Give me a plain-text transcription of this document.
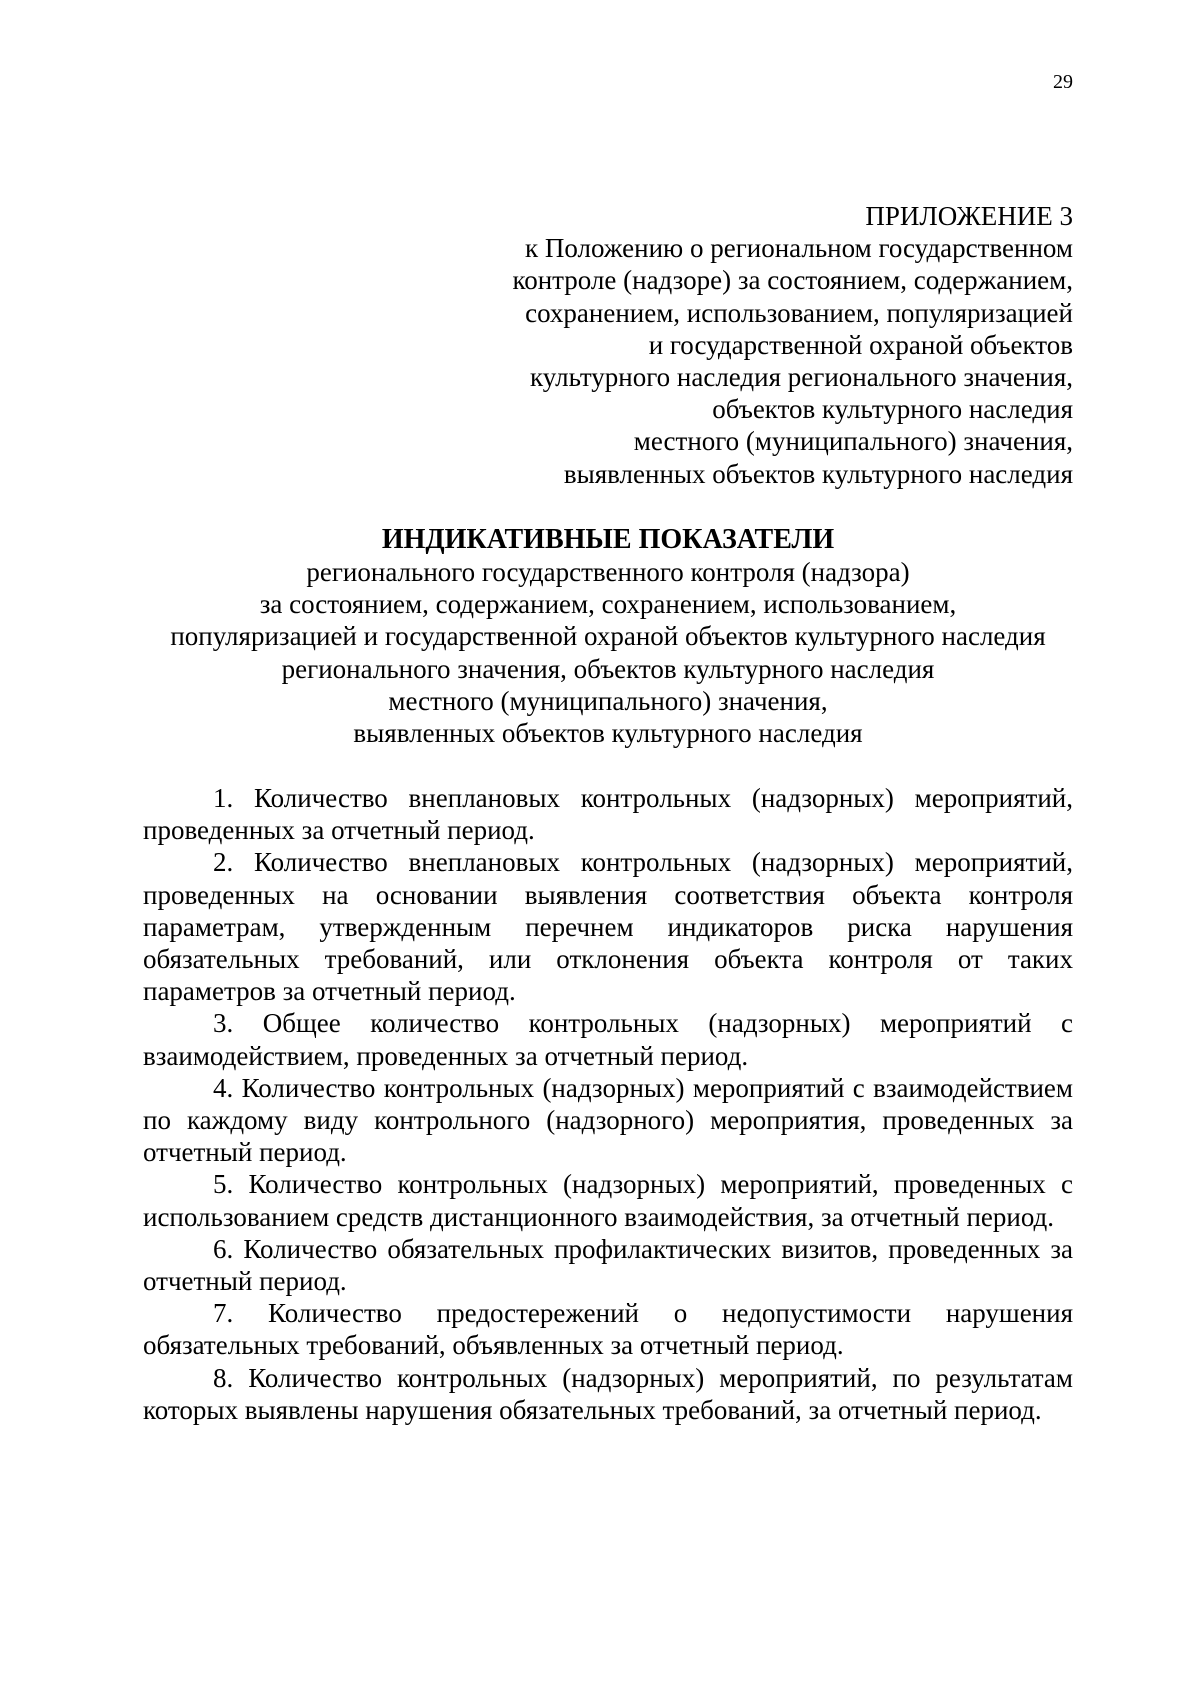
29
ПРИЛОЖЕНИЕ 3
к Положению о региональном государственном
контроле (надзоре) за состоянием, содержанием,
сохранением, использованием, популяризацией
и государственной охраной объектов
культурного наследия регионального значения,
объектов культурного наследия
местного (муниципального) значения,
выявленных объектов культурного наследия
ИНДИКАТИВНЫЕ ПОКАЗАТЕЛИ
регионального государственного контроля (надзора)
за состоянием, содержанием, сохранением, использованием,
популяризацией и государственной охраной объектов культурного наследия
регионального значения, объектов культурного наследия
местного (муниципального) значения,
выявленных объектов культурного наследия

1. Количество внеплановых контрольных (надзорных) мероприятий, проведенных за отчетный период.

2. Количество внеплановых контрольных (надзорных) мероприятий, проведенных на основании выявления соответствия объекта контроля параметрам, утвержденным перечнем индикаторов риска нарушения обязательных требований, или отклонения объекта контроля от таких параметров за отчетный период.

3. Общее количество контрольных (надзорных) мероприятий с взаимодействием, проведенных за отчетный период.

4. Количество контрольных (надзорных) мероприятий с взаимодействием по каждому виду контрольного (надзорного) мероприятия, проведенных за отчетный период.

5. Количество контрольных (надзорных) мероприятий, проведенных с использованием средств дистанционного взаимодействия, за отчетный период.

6. Количество обязательных профилактических визитов, проведенных за отчетный период.

7. Количество предостережений о недопустимости нарушения обязательных требований, объявленных за отчетный период.

8. Количество контрольных (надзорных) мероприятий, по результатам которых выявлены нарушения обязательных требований, за отчетный период.
